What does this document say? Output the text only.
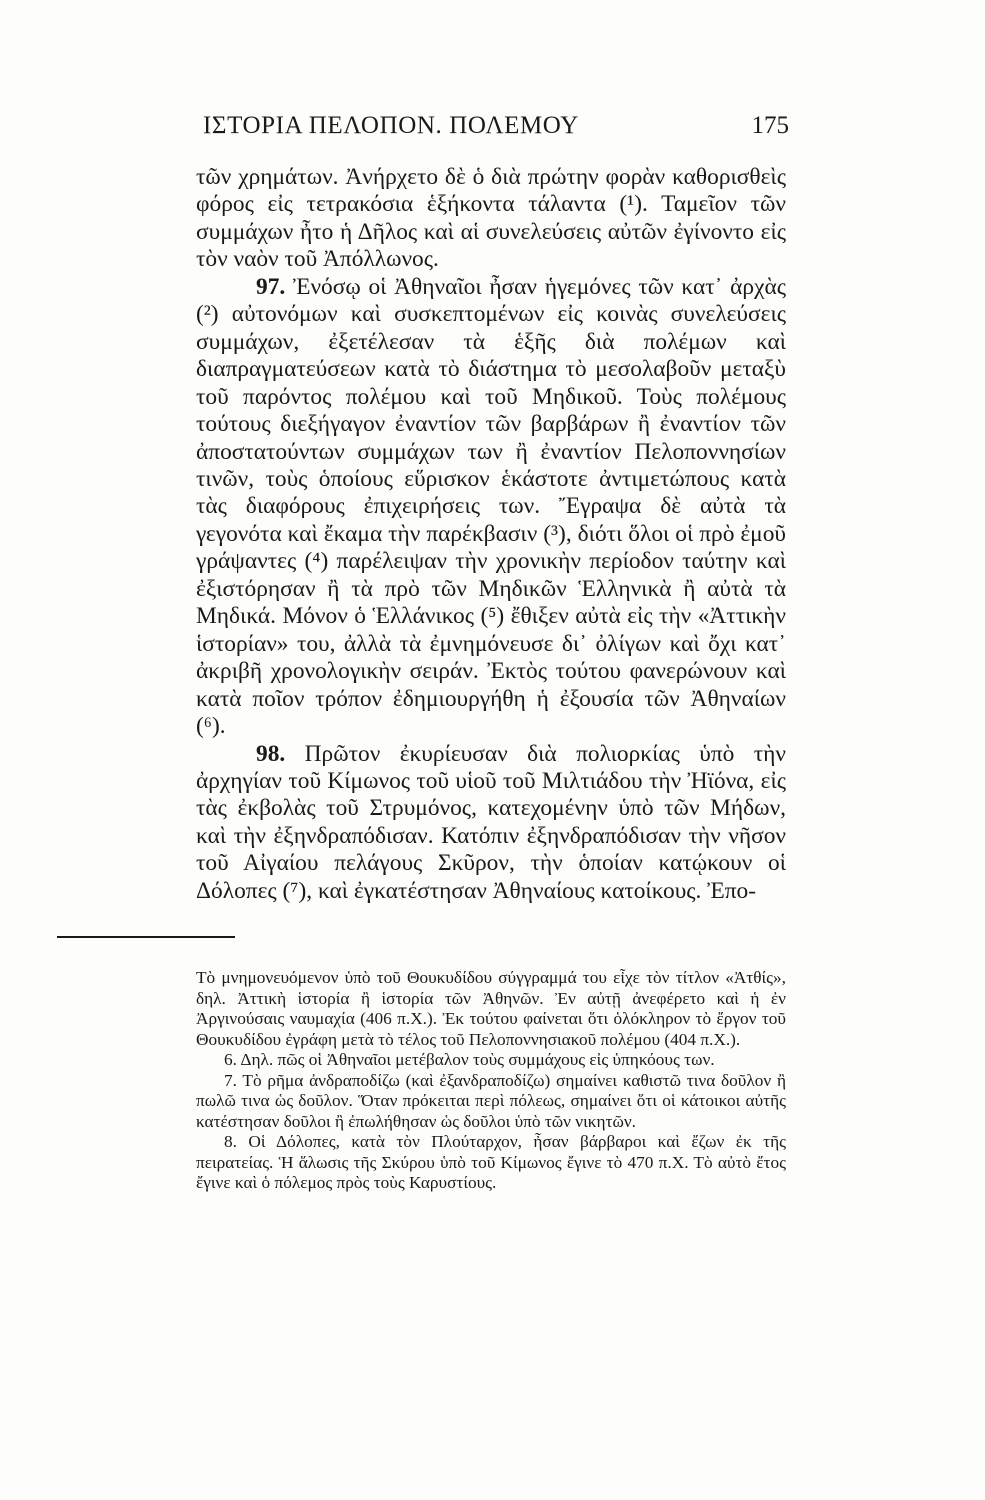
ΙΣΤΟΡΙΑ ΠΕΛΟΠΟΝ. ΠΟΛΕΜΟΥ	175

τῶν χρημάτων. Ἀνήρχετο δὲ ὁ διὰ πρώτην φορὰν καθορισθεὶς φόρος εἰς τετρακόσια ἑξήκοντα τάλαντα (¹). Ταμεῖον τῶν συμμάχων ἦτο ἡ Δῆλος καὶ αἱ συνελεύσεις αὐτῶν ἐγίνοντο εἰς τὸν ναὸν τοῦ Ἀπόλλωνος.

97. Ἐνόσῳ οἱ Ἀθηναῖοι ἦσαν ἡγεμόνες τῶν κατ᾽ ἀρχὰς (²) αὐτονόμων καὶ συσκεπτομένων εἰς κοινὰς συνελεύσεις συμμάχων, ἐξετέλεσαν τὰ ἑξῆς διὰ πολέμων καὶ διαπραγματεύσεων κατὰ τὸ διάστημα τὸ μεσολαβοῦν μεταξὺ τοῦ παρόντος πολέμου καὶ τοῦ Μηδικοῦ. Τοὺς πολέμους τούτους διεξήγαγον ἐναντίον τῶν βαρβάρων ἢ ἐναντίον τῶν ἀποστατούντων συμμάχων των ἢ ἐναντίον Πελοποννησίων τινῶν, τοὺς ὁποίους εὕρισκον ἑκάστοτε ἀντιμετώπους κατὰ τὰς διαφόρους ἐπιχειρήσεις των. Ἔγραψα δὲ αὐτὰ τὰ γεγονότα καὶ ἔκαμα τὴν παρέκβασιν (³), διότι ὅλοι οἱ πρὸ ἐμοῦ γράψαντες (⁴) παρέλειψαν τὴν χρονικὴν περίοδον ταύτην καὶ ἐξιστόρησαν ἢ τὰ πρὸ τῶν Μηδικῶν Ἑλληνικὰ ἢ αὐτὰ τὰ Μηδικά. Μόνον ὁ Ἑλλάνικος (⁵) ἔθιξεν αὐτὰ εἰς τὴν «Ἀττικὴν ἱστορίαν» του, ἀλλὰ τὰ ἐμνημόνευσε δι᾽ ὀλίγων καὶ ὄχι κατ᾽ ἀκριβῆ χρονολογικὴν σειράν. Ἐκτὸς τούτου φανερώνουν καὶ κατὰ ποῖον τρόπον ἐδημιουργήθη ἡ ἐξουσία τῶν Ἀθηναίων (⁶).

98. Πρῶτον ἐκυρίευσαν διὰ πολιορκίας ὑπὸ τὴν ἀρχηγίαν τοῦ Κίμωνος τοῦ υἱοῦ τοῦ Μιλτιάδου τὴν Ἠϊόνα, εἰς τὰς ἐκβολὰς τοῦ Στρυμόνος, κατεχομένην ὑπὸ τῶν Μήδων, καὶ τὴν ἐξηνδραπόδισαν. Κατόπιν ἐξηνδραπόδισαν τὴν νῆσον τοῦ Αἰγαίου πελάγους Σκῦρον, τὴν ὁποίαν κατῴκουν οἱ Δόλοπες (⁷), καὶ ἐγκατέστησαν Ἀθηναίους κατοίκους. Ἐπο-

Τὸ μνημονευόμενον ὑπὸ τοῦ Θουκυδίδου σύγγραμμά του εἶχε τὸν τίτλον «Ἀτθίς», δηλ. Ἀττικὴ ἱστορία ἢ ἱστορία τῶν Ἀθηνῶν. Ἐν αὐτῇ ἀνεφέρετο καὶ ἡ ἐν Ἀργινούσαις ναυμαχία (406 π.Χ.). Ἐκ τούτου φαίνεται ὅτι ὁλόκληρον τὸ ἔργον τοῦ Θουκυδίδου ἐγράφη μετὰ τὸ τέλος τοῦ Πελοποννησιακοῦ πολέμου (404 π.Χ.).

6. Δηλ. πῶς οἱ Ἀθηναῖοι μετέβαλον τοὺς συμμάχους εἰς ὑπηκόους των.

7. Τὸ ρῆμα ἀνδραποδίζω (καὶ ἐξανδραποδίζω) σημαίνει καθιστῶ τινα δοῦλον ἢ πωλῶ τινα ὡς δοῦλον. Ὅταν πρόκειται περὶ πόλεως, σημαίνει ὅτι οἱ κάτοικοι αὐτῆς κατέστησαν δοῦλοι ἢ ἐπωλήθησαν ὡς δοῦλοι ὑπὸ τῶν νικητῶν.

8. Οἱ Δόλοπες, κατὰ τὸν Πλούταρχον, ἦσαν βάρβαροι καὶ ἔζων ἐκ τῆς πειρατείας. Ἡ ἅλωσις τῆς Σκύρου ὑπὸ τοῦ Κίμωνος ἔγινε τὸ 470 π.Χ. Τὸ αὐτὸ ἔτος ἔγινε καὶ ὁ πόλεμος πρὸς τοὺς Καρυστίους.
